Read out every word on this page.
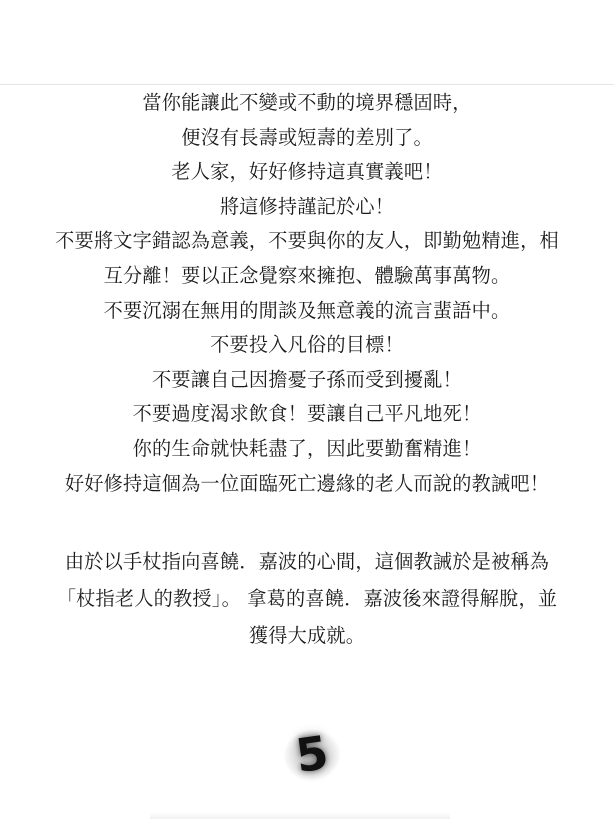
當你能讓此不變或不動的境界穩固時，
便沒有長壽或短壽的差別了。
老人家，好好修持這真實義吧！
將這修持謹記於心！
不要將文字錯認為意義，不要與你的友人，即勤勉精進，相
互分離！要以正念覺察來擁抱、體驗萬事萬物。
不要沉溺在無用的閒談及無意義的流言蜚語中。
不要投入凡俗的目標！
不要讓自己因擔憂子孫而受到擾亂！
不要過度渴求飲食！要讓自己平凡地死！
你的生命就快耗盡了，因此要勤奮精進！
好好修持這個為一位面臨死亡邊緣的老人而說的教誡吧！
由於以手杖指向喜饒．嘉波的心間，這個教誡於是被稱為
「杖指老人的教授」。 拿葛的喜饒．嘉波後來證得解脫，並
獲得大成就。
5
